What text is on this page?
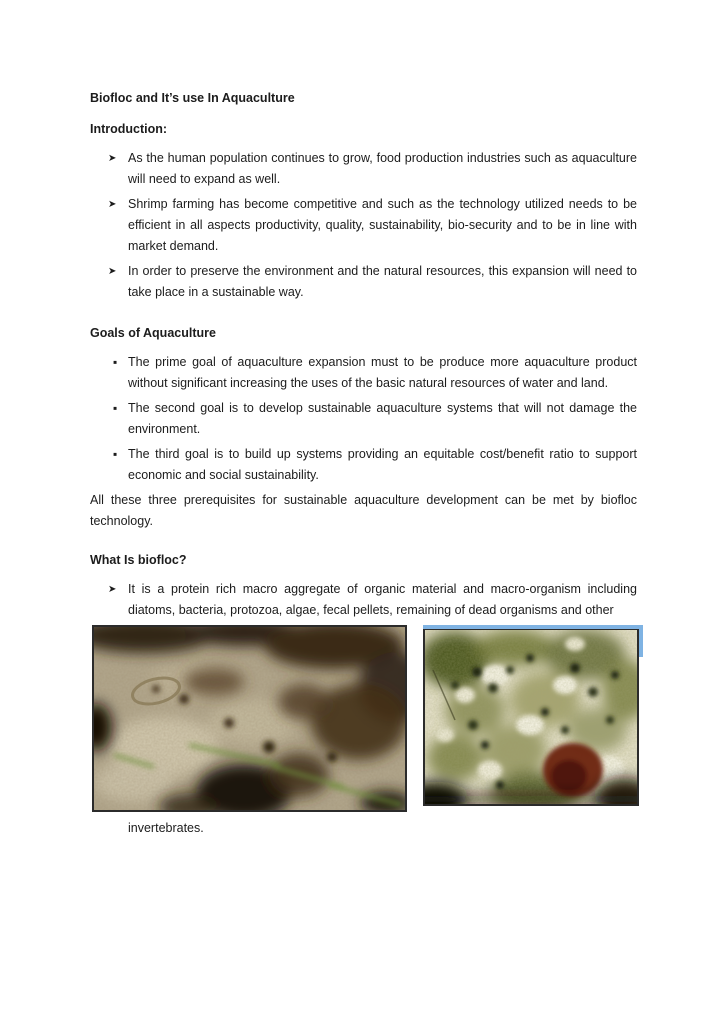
Biofloc and It’s use In Aquaculture

Introduction:

➤ As the human population continues to grow, food production industries such as aquaculture will need to expand as well.
➤ Shrimp farming has become competitive and such as the technology utilized needs to be efficient in all aspects productivity, quality, sustainability, bio-security and to be in line with market demand.
➤ In order to preserve the environment and the natural resources, this expansion will need to take place in a sustainable way.

Goals of Aquaculture

▪ The prime goal of aquaculture expansion must to be produce more aquaculture product without significant increasing the uses of the basic natural resources of water and land.
▪ The second goal is to develop sustainable aquaculture systems that will not damage the environment.
▪ The third goal is to build up systems providing an equitable cost/benefit ratio to support economic and social sustainability.

All these three prerequisites for sustainable aquaculture development can be met by biofloc technology.

What Is biofloc?

➤ It is a protein rich macro aggregate of organic material and macro-organism including diatoms, bacteria, protozoa, algae, fecal pellets, remaining of dead organisms and other

invertebrates.
